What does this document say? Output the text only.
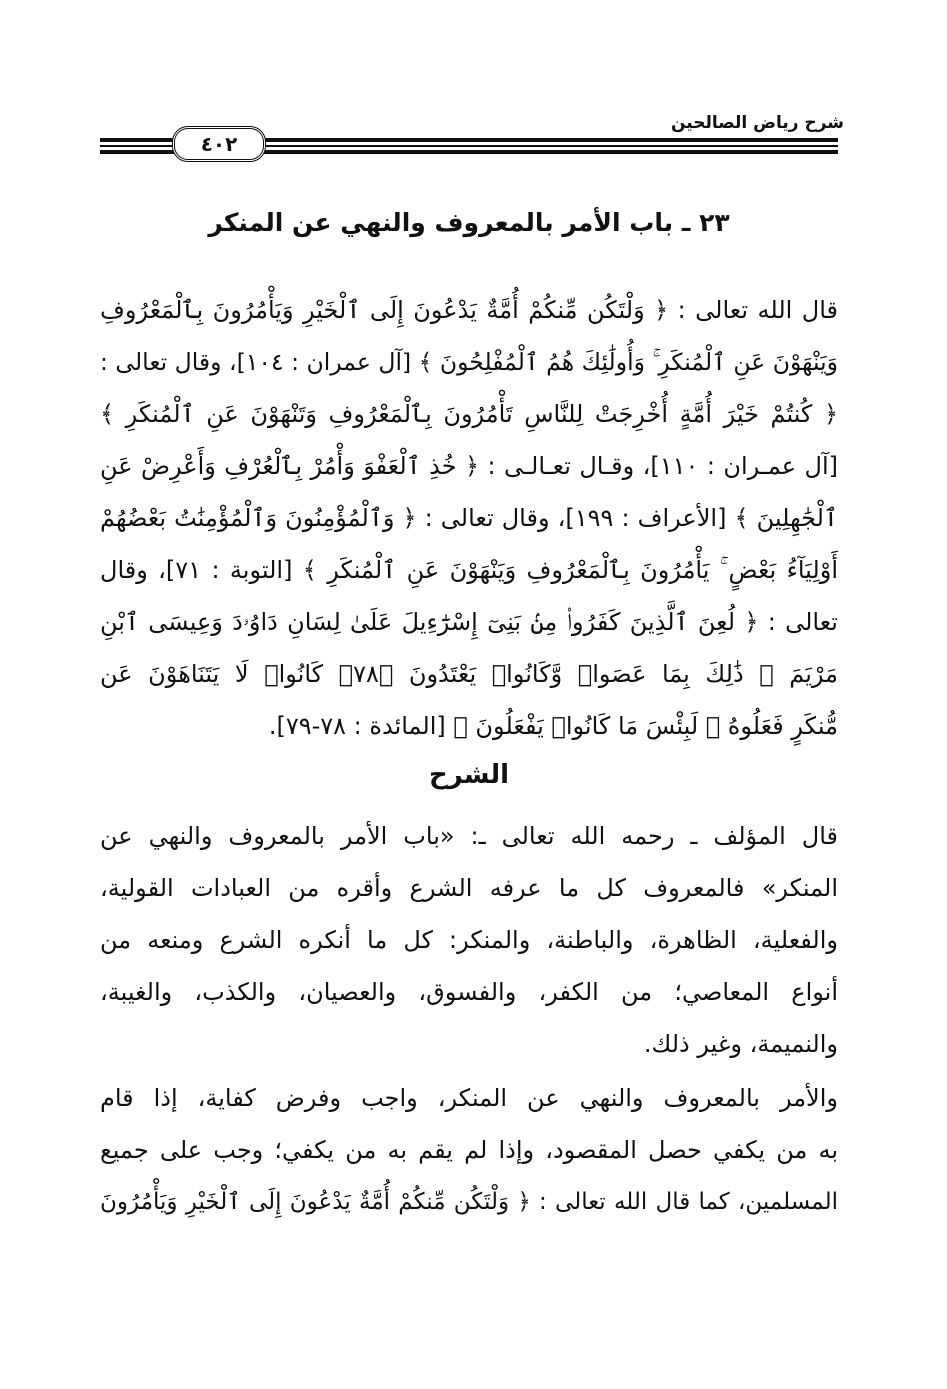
شرح رياض الصالحين
٤٠٢
٢٣ ـ باب الأمر بالمعروف والنهي عن المنكر
قال الله تعالى : ﴿ وَلْتَكُن مِّنكُمْ أُمَّةٌ يَدْعُونَ إِلَى ٱلْخَيْرِ وَيَأْمُرُونَ بِٱلْمَعْرُوفِ
وَيَنْهَوْنَ عَنِ ٱلْمُنكَرِ ۚ وَأُولَٰئِكَ هُمُ ٱلْمُفْلِحُونَ ﴾ [آل عمران : ١٠٤]، وقال تعالى :
﴿ كُنتُمْ خَيْرَ أُمَّةٍ أُخْرِجَتْ لِلنَّاسِ تَأْمُرُونَ بِٱلْمَعْرُوفِ وَتَنْهَوْنَ عَنِ ٱلْمُنكَرِ ﴾
[آل عمـران : ١١٠]، وقـال تعـالـى : ﴿ خُذِ ٱلْعَفْوَ وَأْمُرْ بِٱلْعُرْفِ وَأَعْرِضْ عَنِ
ٱلْجَٰهِلِينَ ﴾ [الأعراف : ١٩٩]، وقال تعالى : ﴿ وَٱلْمُؤْمِنُونَ وَٱلْمُؤْمِنَٰتُ بَعْضُهُمْ
أَوْلِيَآءُ بَعْضٍ ۚ يَأْمُرُونَ بِٱلْمَعْرُوفِ وَيَنْهَوْنَ عَنِ ٱلْمُنكَرِ ﴾ [التوبة : ٧١]، وقال
تعالى : ﴿ لُعِنَ ٱلَّذِينَ كَفَرُوا۟ مِنۢ بَنِىٓ إِسْرَٰٓءِيلَ عَلَىٰ لِسَانِ دَاوُۥدَ وَعِيسَى ٱبْنِ
مَرْيَمَ ۚ ذَٰلِكَ بِمَا عَصَوا۟ وَّكَانُوا۟ يَعْتَدُونَ ﴿٧٨﴾ كَانُوا۟ لَا يَتَنَاهَوْنَ عَن
مُّنكَرٍ فَعَلُوهُ ۚ لَبِئْسَ مَا كَانُوا۟ يَفْعَلُونَ ﴾ [المائدة : ٧٨-٧٩].
الشرح
قال المؤلف ـ رحمه الله تعالى ـ: «باب الأمر بالمعروف والنهي عن
المنكر» فالمعروف كل ما عرفه الشرع وأقره من العبادات القولية،
والفعلية، الظاهرة، والباطنة، والمنكر: كل ما أنكره الشرع ومنعه من
أنواع المعاصي؛ من الكفر، والفسوق، والعصيان، والكذب، والغيبة،
والنميمة، وغير ذلك.
والأمر بالمعروف والنهي عن المنكر، واجب وفرض كفاية، إذا قام
به من يكفي حصل المقصود، وإذا لم يقم به من يكفي؛ وجب على جميع
المسلمين، كما قال الله تعالى : ﴿ وَلْتَكُن مِّنكُمْ أُمَّةٌ يَدْعُونَ إِلَى ٱلْخَيْرِ وَيَأْمُرُونَ
